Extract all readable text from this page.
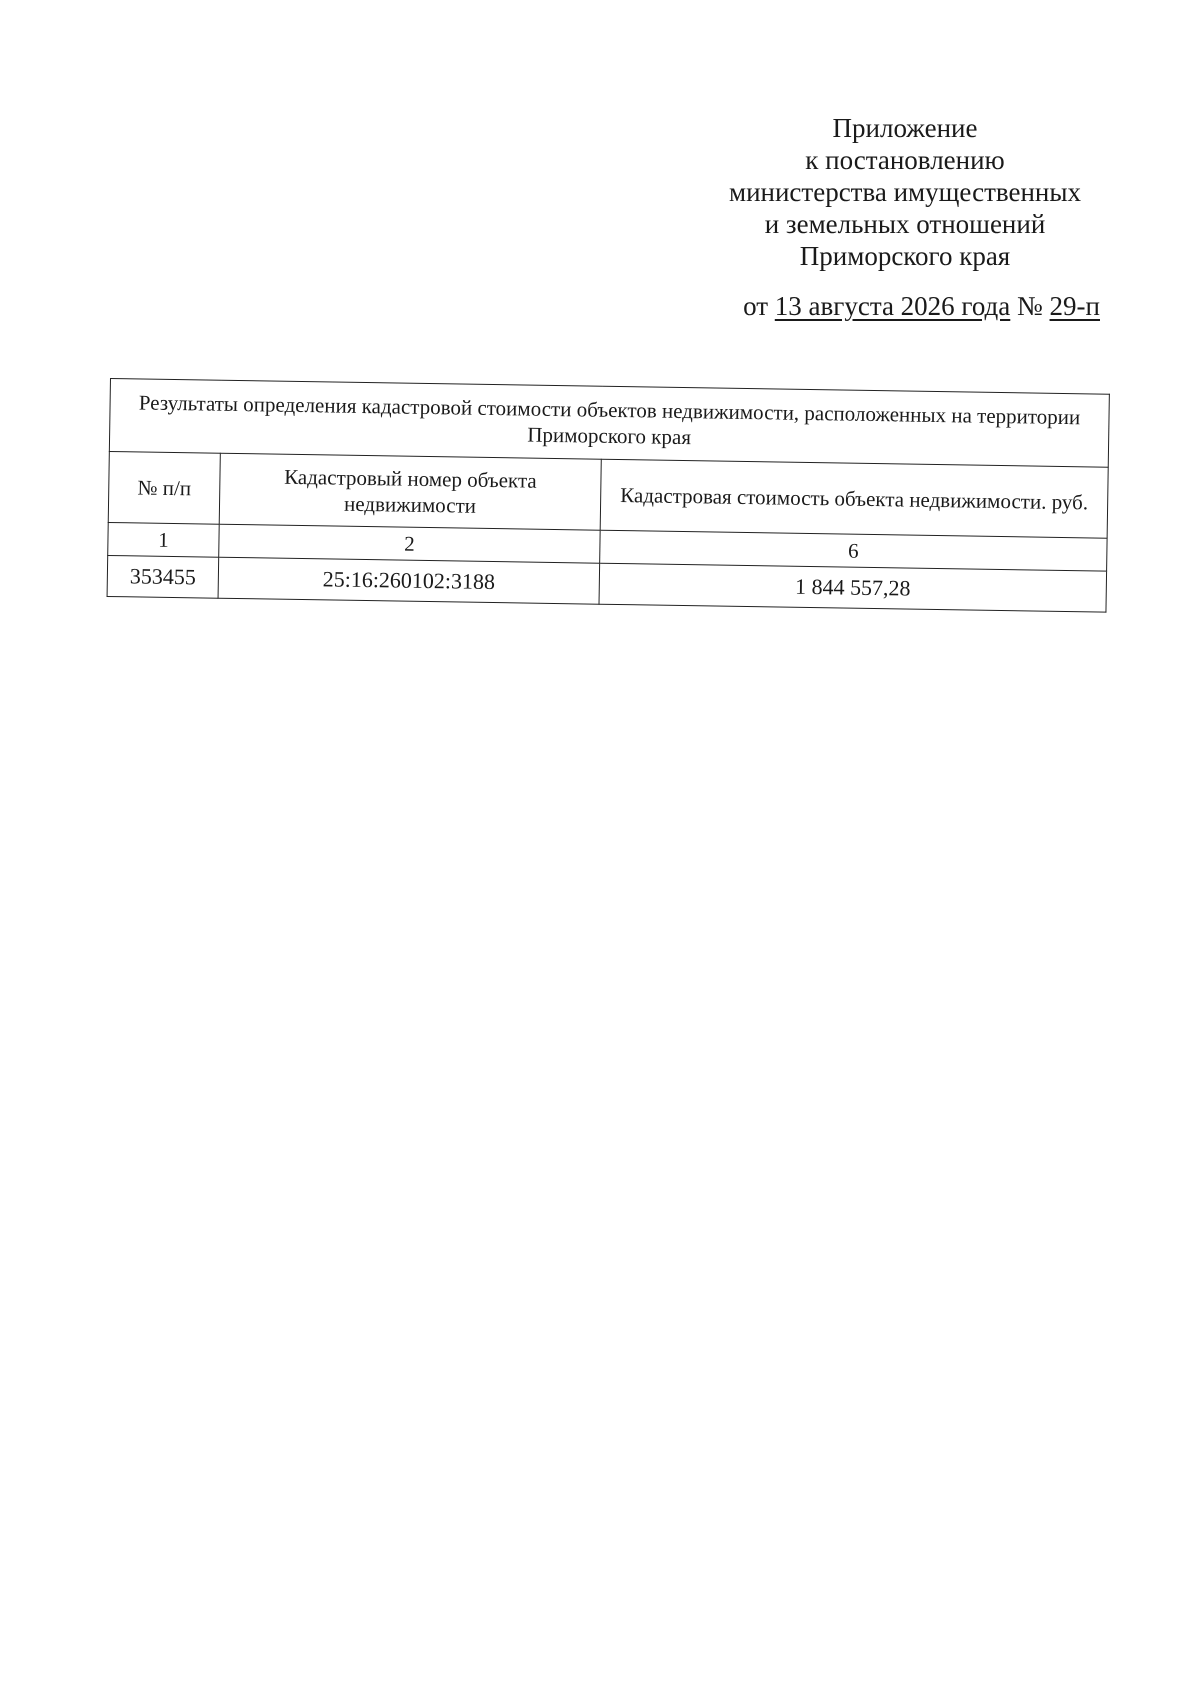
Приложение
к постановлению
министерства имущественных
и земельных отношений
Приморского края
от 13 августа 2026 года № 29-п
Результаты определения кадастровой стоимости объектов недвижимости, расположенных на территории Приморского края		
№ п/п	Кадастровый номер объекта недвижимости	Кадастровая стоимость объекта недвижимости. руб.
1	2	6
353455	25:16:260102:3188	1 844 557,28
